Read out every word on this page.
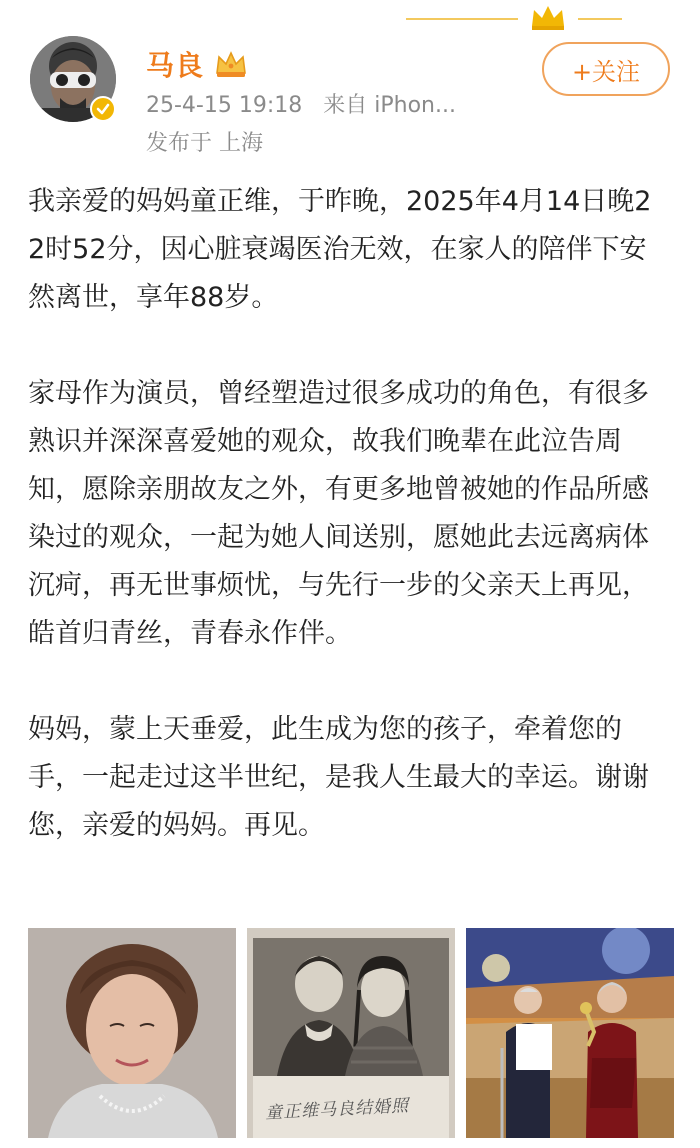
马良
25-4-15 19:18 来自 iPhon...
发布于 上海
+关注

我亲爱的妈妈童正维，于昨晚，2025年4月14日晚22时52分，因心脏衰竭医治无效，在家人的陪伴下安然离世，享年88岁。

家母作为演员，曾经塑造过很多成功的角色，有很多熟识并深深喜爱她的观众，故我们晚辈在此泣告周知，愿除亲朋故友之外，有更多地曾被她的作品所感染过的观众，一起为她人间送别，愿她此去远离病体沉疴，再无世事烦忧，与先行一步的父亲天上再见，皓首归青丝，青春永作伴。

妈妈，蒙上天垂爱，此生成为您的孩子，牵着您的手，一起走过这半世纪，是我人生最大的幸运。谢谢您，亲爱的妈妈。再见。

童正维马良结婚照
